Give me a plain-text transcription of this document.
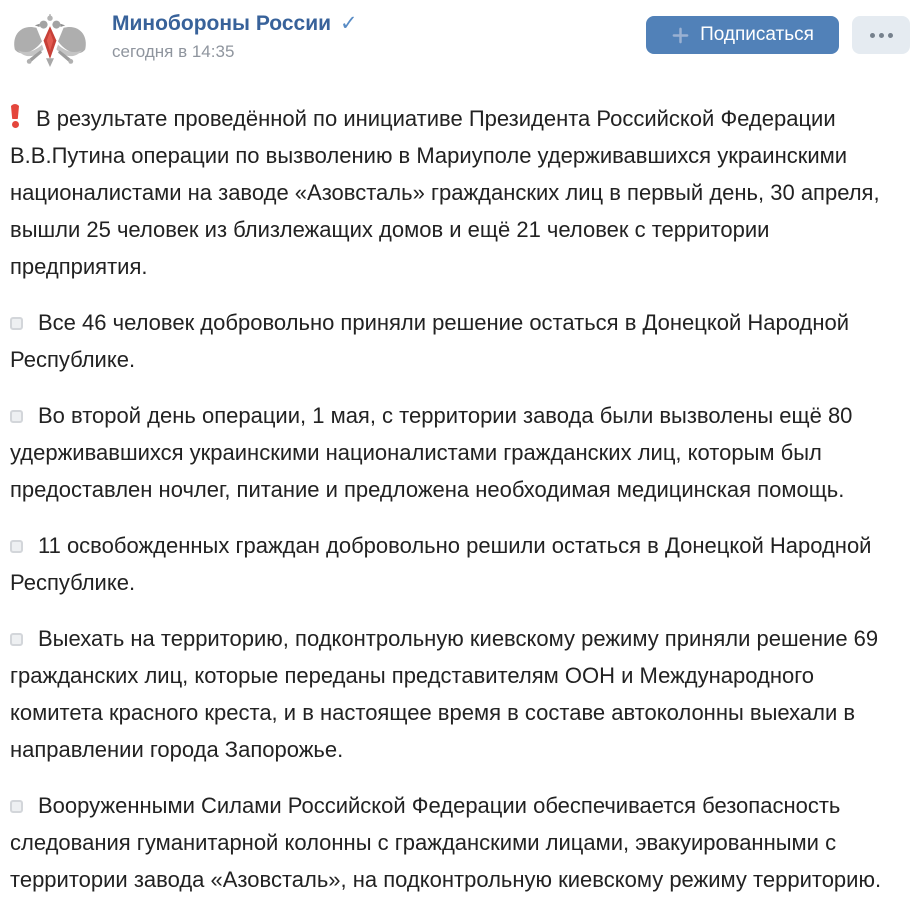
Минобороны России ✓
сегодня в 14:35
Подписаться
В результате проведённой по инициативе Президента Российской Федерации В.В.Путина операции по вызволению в Мариуполе удерживавшихся украинскими националистами на заводе «Азовсталь» гражданских лиц в первый день, 30 апреля, вышли 25 человек из близлежащих домов и ещё 21 человек с территории предприятия.
Все 46 человек добровольно приняли решение остаться в Донецкой Народной Республике.
Во второй день операции, 1 мая, с территории завода были вызволены ещё 80 удерживавшихся украинскими националистами гражданских лиц, которым был предоставлен ночлег, питание и предложена необходимая медицинская помощь.
11 освобожденных граждан добровольно решили остаться в Донецкой Народной Республике.
Выехать на территорию, подконтрольную киевскому режиму приняли решение 69 гражданских лиц, которые переданы представителям ООН и Международного комитета красного креста, и в настоящее время в составе автоколонны выехали в направлении города Запорожье.
Вооруженными Силами Российской Федерации обеспечивается безопасность следования гуманитарной колонны с гражданскими лицами, эвакуированными с территории завода «Азовсталь», на подконтрольную киевскому режиму территорию.
